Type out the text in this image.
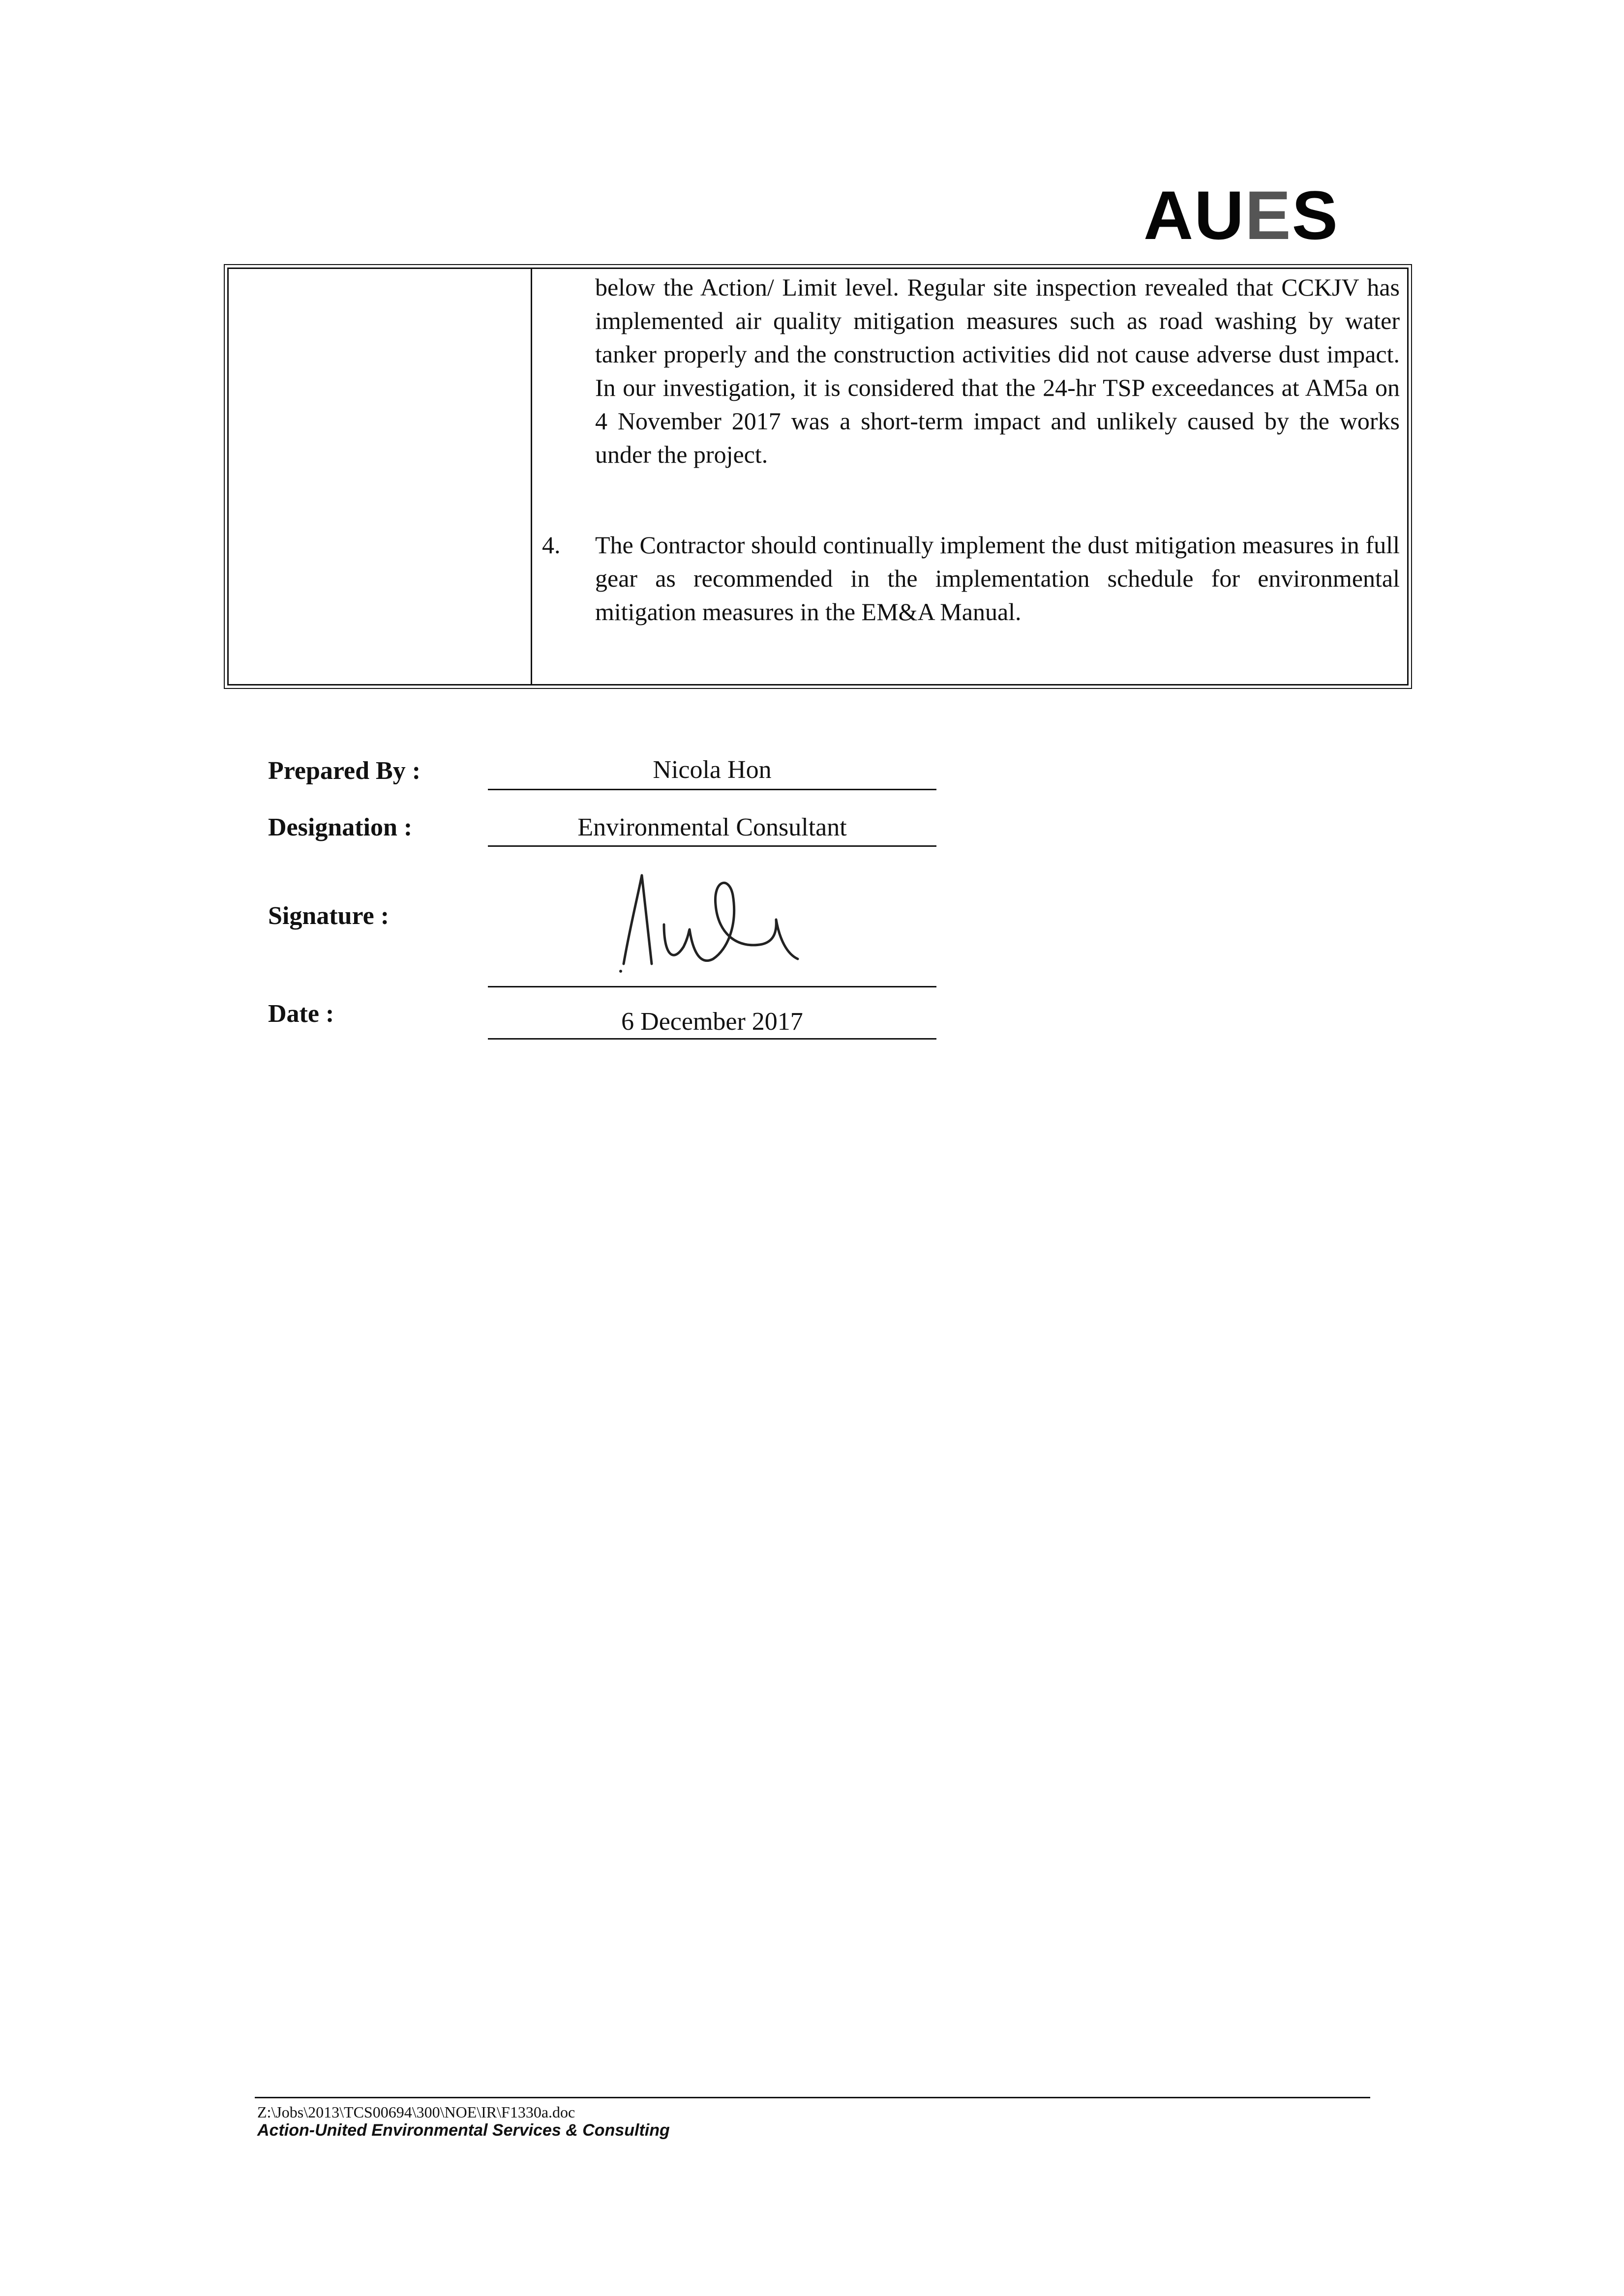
AUES
below the Action/ Limit level. Regular site inspection revealed that CCKJV has implemented air quality mitigation measures such as road washing by water tanker properly and the construction activities did not cause adverse dust impact. In our investigation, it is considered that the 24-hr TSP exceedances at AM5a on 4 November 2017 was a short-term impact and unlikely caused by the works under the project.
4. The Contractor should continually implement the dust mitigation measures in full gear as recommended in the implementation schedule for environmental mitigation measures in the EM&A Manual.
Prepared By :	Nicola Hon
Designation :	Environmental Consultant
Signature :
Date :	6 December 2017
Z:\Jobs\2013\TCS00694\300\NOE\IR\F1330a.doc
Action-United Environmental Services & Consulting
